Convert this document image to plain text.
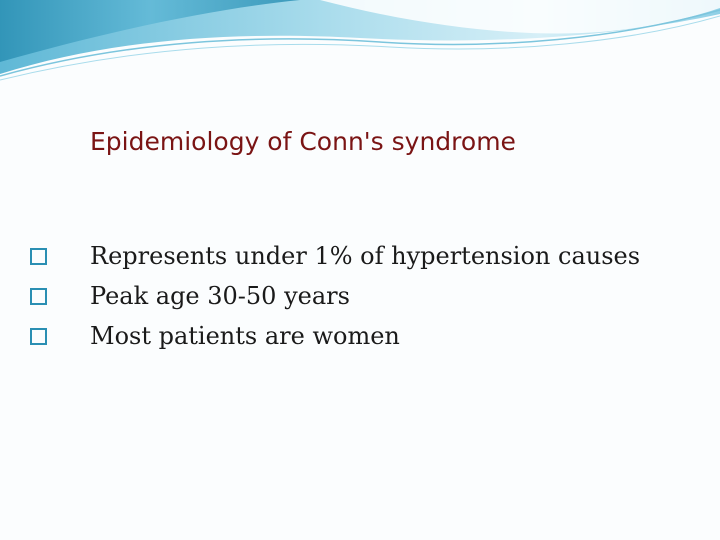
Epidemiology of Conn's syndrome
Represents under 1% of hypertension causes
Peak age 30-50 years
Most patients are women
